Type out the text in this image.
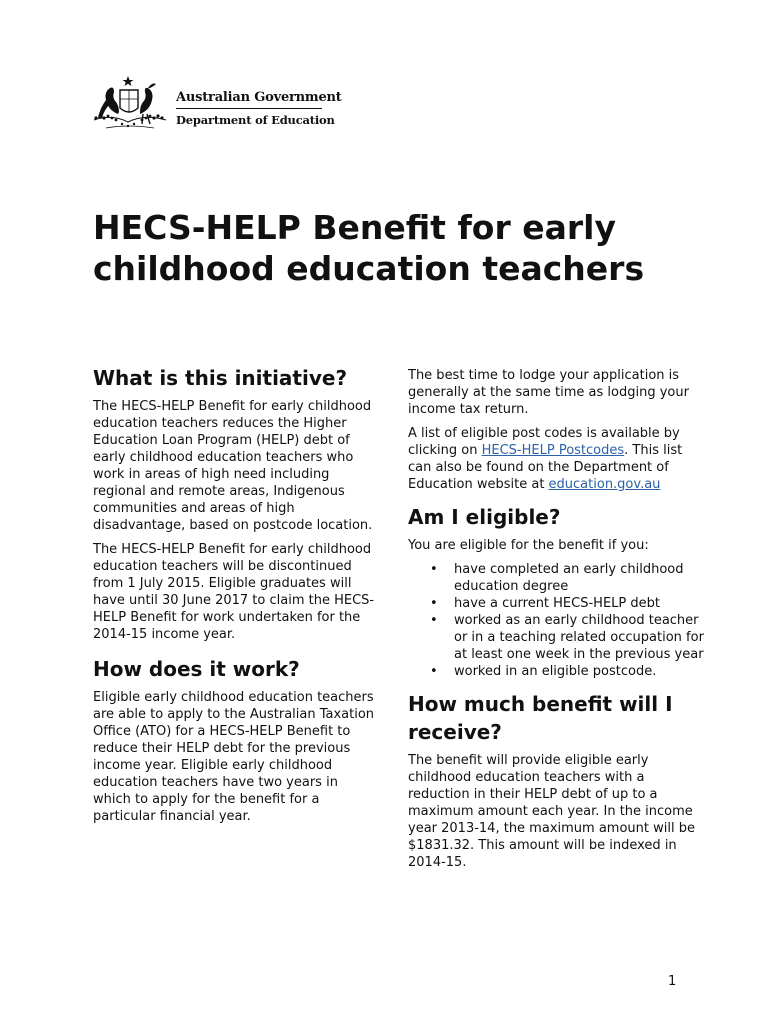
Australian Government
Department of Education
HECS-HELP Benefit for early childhood education teachers
What is this initiative?

The HECS-HELP Benefit for early childhood education teachers reduces the Higher Education Loan Program (HELP) debt of early childhood education teachers who work in areas of high need including regional and remote areas, Indigenous communities and areas of high disadvantage, based on postcode location.

The HECS-HELP Benefit for early childhood education teachers will be discontinued from 1 July 2015. Eligible graduates will have until 30 June 2017 to claim the HECS-HELP Benefit for work undertaken for the 2014-15 income year.

How does it work?

Eligible early childhood education teachers are able to apply to the Australian Taxation Office (ATO) for a HECS-HELP Benefit to reduce their HELP debt for the previous income year. Eligible early childhood education teachers have two years in which to apply for the benefit for a particular financial year.

The best time to lodge your application is generally at the same time as lodging your income tax return.

A list of eligible post codes is available by clicking on HECS-HELP Postcodes. This list can also be found on the Department of Education website at education.gov.au

Am I eligible?

You are eligible for the benefit if you:

• have completed an early childhood education degree
• have a current HECS-HELP debt
• worked as an early childhood teacher or in a teaching related occupation for at least one week in the previous year
• worked in an eligible postcode.
How much benefit will I receive?

The benefit will provide eligible early childhood education teachers with a reduction in their HELP debt of up to a maximum amount each year. In the income year 2013-14, the maximum amount will be $1831.32. This amount will be indexed in 2014-15.

1
